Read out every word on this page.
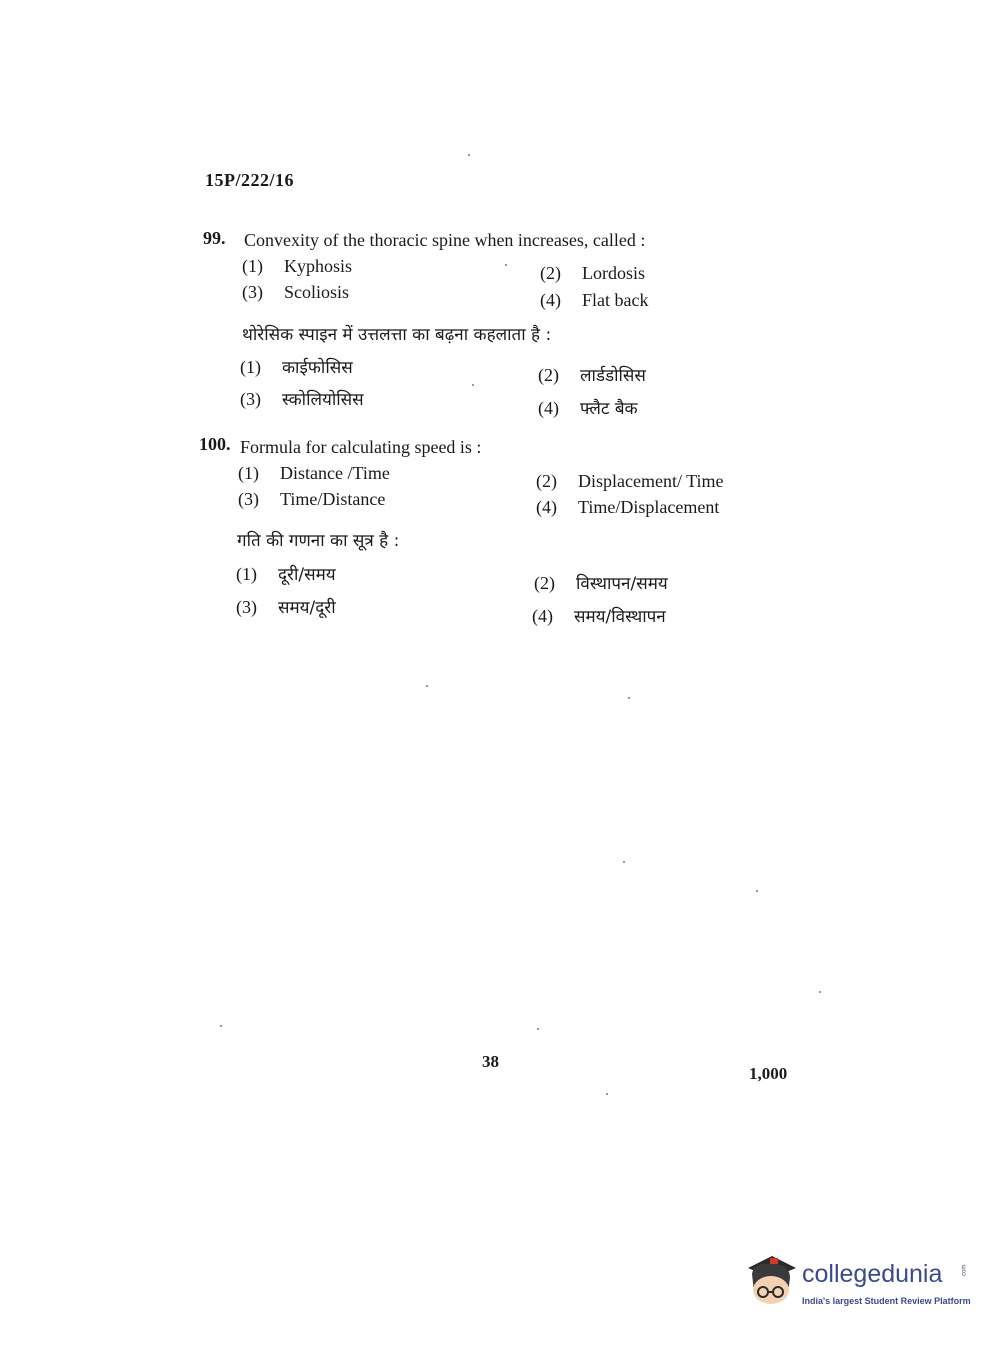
15P/222/16
99. Convexity of the thoracic spine when increases, called :
(1) Kyphosis	(2) Lordosis
(3) Scoliosis	(4) Flat back
थोरेसिक स्पाइन में उत्तलत्ता का बढ़ना कहलाता है :
(1) काईफोसिस	(2) लार्डडोसिस
(3) स्कोलियोसिस	(4) फ्लैट बैक
100. Formula for calculating speed is :
(1) Distance /Time	(2) Displacement/ Time
(3) Time/Distance	(4) Time/Displacement
गति की गणना का सूत्र है :
(1) दूरी/समय	(2) विस्थापन/समय
(3) समय/दूरी	(4) समय/विस्थापन
38
1,000
collegedunia	.com
India's largest Student Review Platform
